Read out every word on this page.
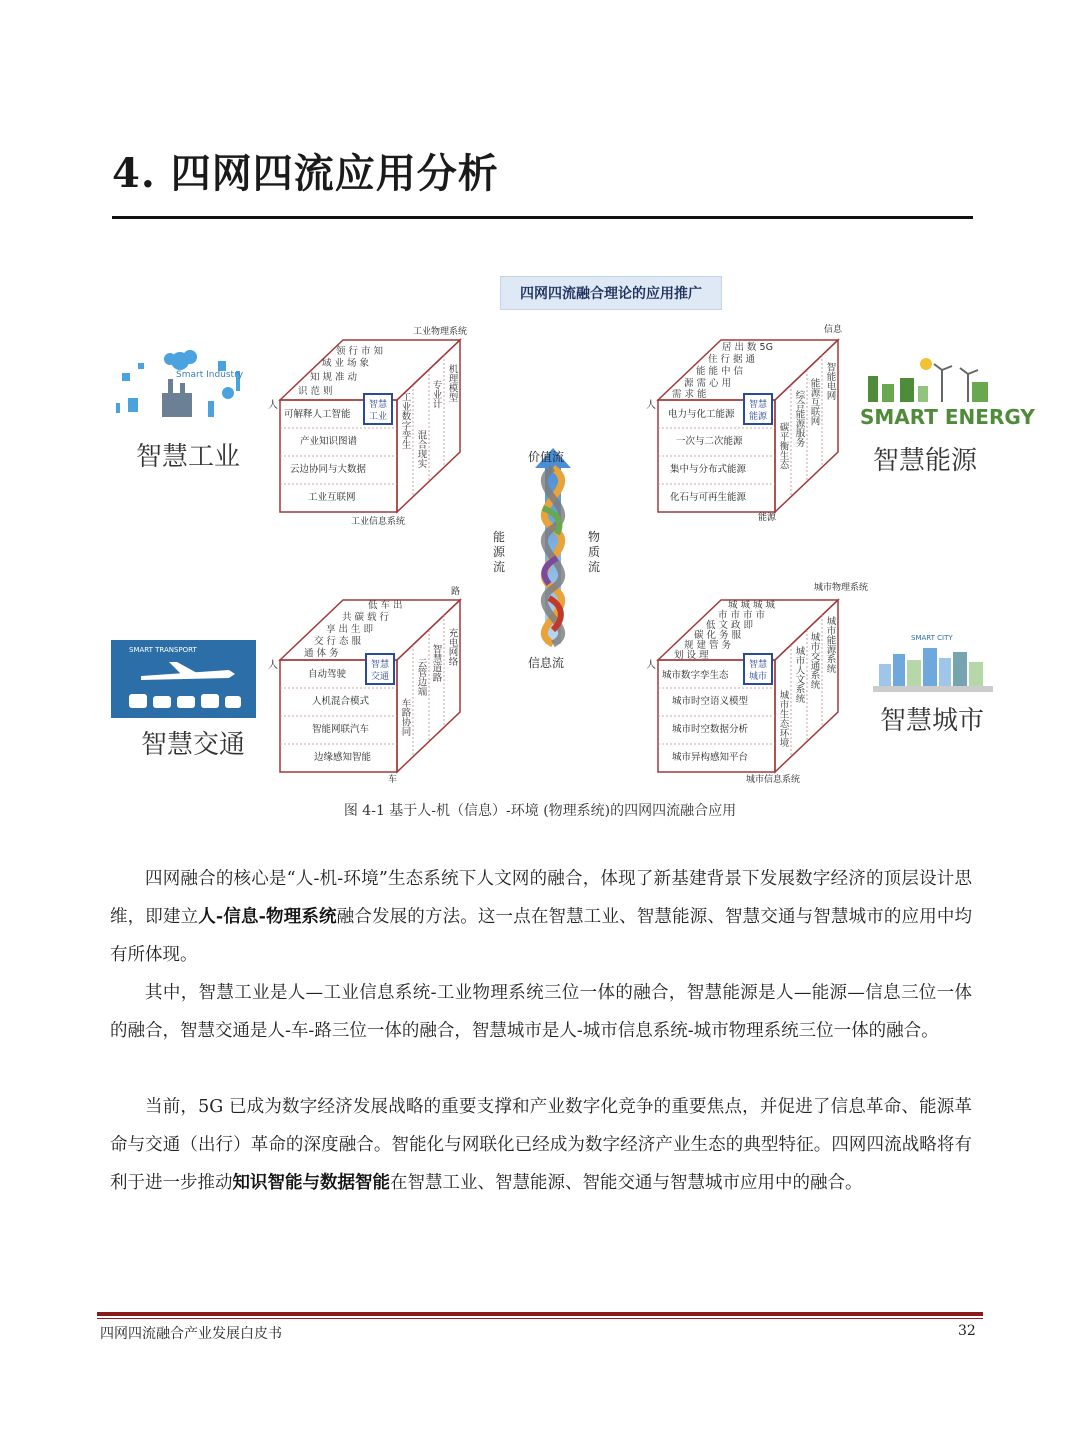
4. 四网四流应用分析
四网四流融合理论的应用推广
Smart Industry
智慧工业
SMART ENERGY
智慧能源
SMART TRANSPORT
智慧交通
SMART CITY
智慧城市
工业物理系统
工业信息系统
人
领 行 市 知
域 业 场 象
知 规 准 动
识 范 则
可解释人工智能
产业知识图谱
云边协同与大数据
工业互联网
智慧
工业 工业数字孪生 混合现实
专业计 机理模型
信息
能源
人
居 出 数 5G
住 行 据 通
能 能 中 信
源 需 心 用
需 求 能
电力与化工能源
一次与二次能源
集中与分布式能源
化石与可再生能源
智慧
能源
碳平衡生态 综合能源服务 能源互联网 智能电网
路
车
人
低 车 出
共 碳 载 行
享 出 生 即
交 行 态 服
通 体 务
自动驾驶
人机混合模式
智能网联汽车
边缘感知智能
智慧
交通
车路协同
云管边端 智慧道路 充电网络
城市物理系统
城市信息系统
人
城 城 城 城
市 市 市 市
低 文 政 即
碳 化 务 服
规 建 管 务
划 设 理
城市数字孪生态
城市时空语义模型
城市时空数据分析
城市异构感知平台
智慧
城市
城市生态环境
城市人文系统 城市交通系统 城市能源系统
价值流
信息流
能源流
物质流
图 4-1 基于人-机（信息）-环境 (物理系统)的四网四流融合应用
四网融合的核心是“人-机-环境”生态系统下人文网的融合，体现了新基建背景下发展数字经济的顶层设计思维，即建立人-信息-物理系统融合发展的方法。这一点在智慧工业、智慧能源、智慧交通与智慧城市的应用中均有所体现。
其中，智慧工业是人—工业信息系统-工业物理系统三位一体的融合，智慧能源是人—能源—信息三位一体的融合，智慧交通是人-车-路三位一体的融合，智慧城市是人-城市信息系统-城市物理系统三位一体的融合。
当前，5G 已成为数字经济发展战略的重要支撑和产业数字化竞争的重要焦点，并促进了信息革命、能源革命与交通（出行）革命的深度融合。智能化与网联化已经成为数字经济产业生态的典型特征。四网四流战略将有利于进一步推动知识智能与数据智能在智慧工业、智慧能源、智能交通与智慧城市应用中的融合。
四网四流融合产业发展白皮书	32
